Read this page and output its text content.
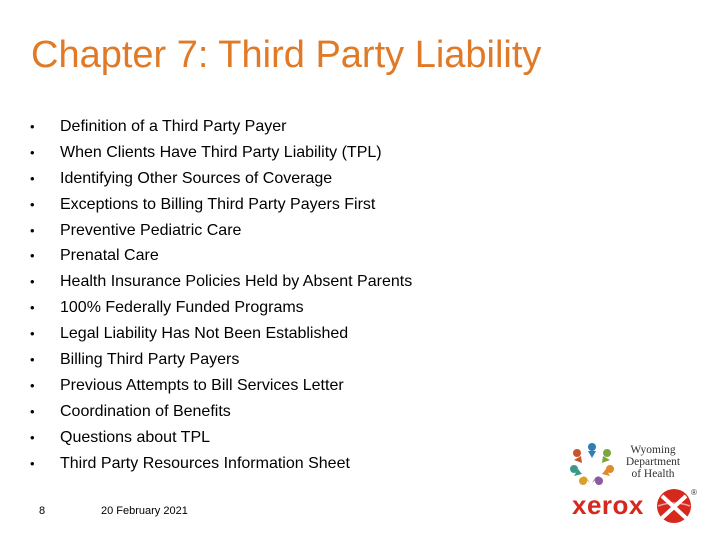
Chapter 7: Third Party Liability
•	Definition of a Third Party Payer
•	When Clients Have Third Party Liability (TPL)
•	Identifying Other Sources of Coverage
•	Exceptions to Billing Third Party Payers First
•	Preventive Pediatric Care
•	Prenatal Care
•	Health Insurance Policies Held by Absent Parents
•	100% Federally Funded Programs
•	Legal Liability Has Not Been Established
•	Billing Third Party Payers
•	Previous Attempts to Bill Services Letter
•	Coordination of Benefits
•	Questions about TPL
•	Third Party Resources Information Sheet
8	20 February 2021
Wyoming
Department
of Health
xerox	®
